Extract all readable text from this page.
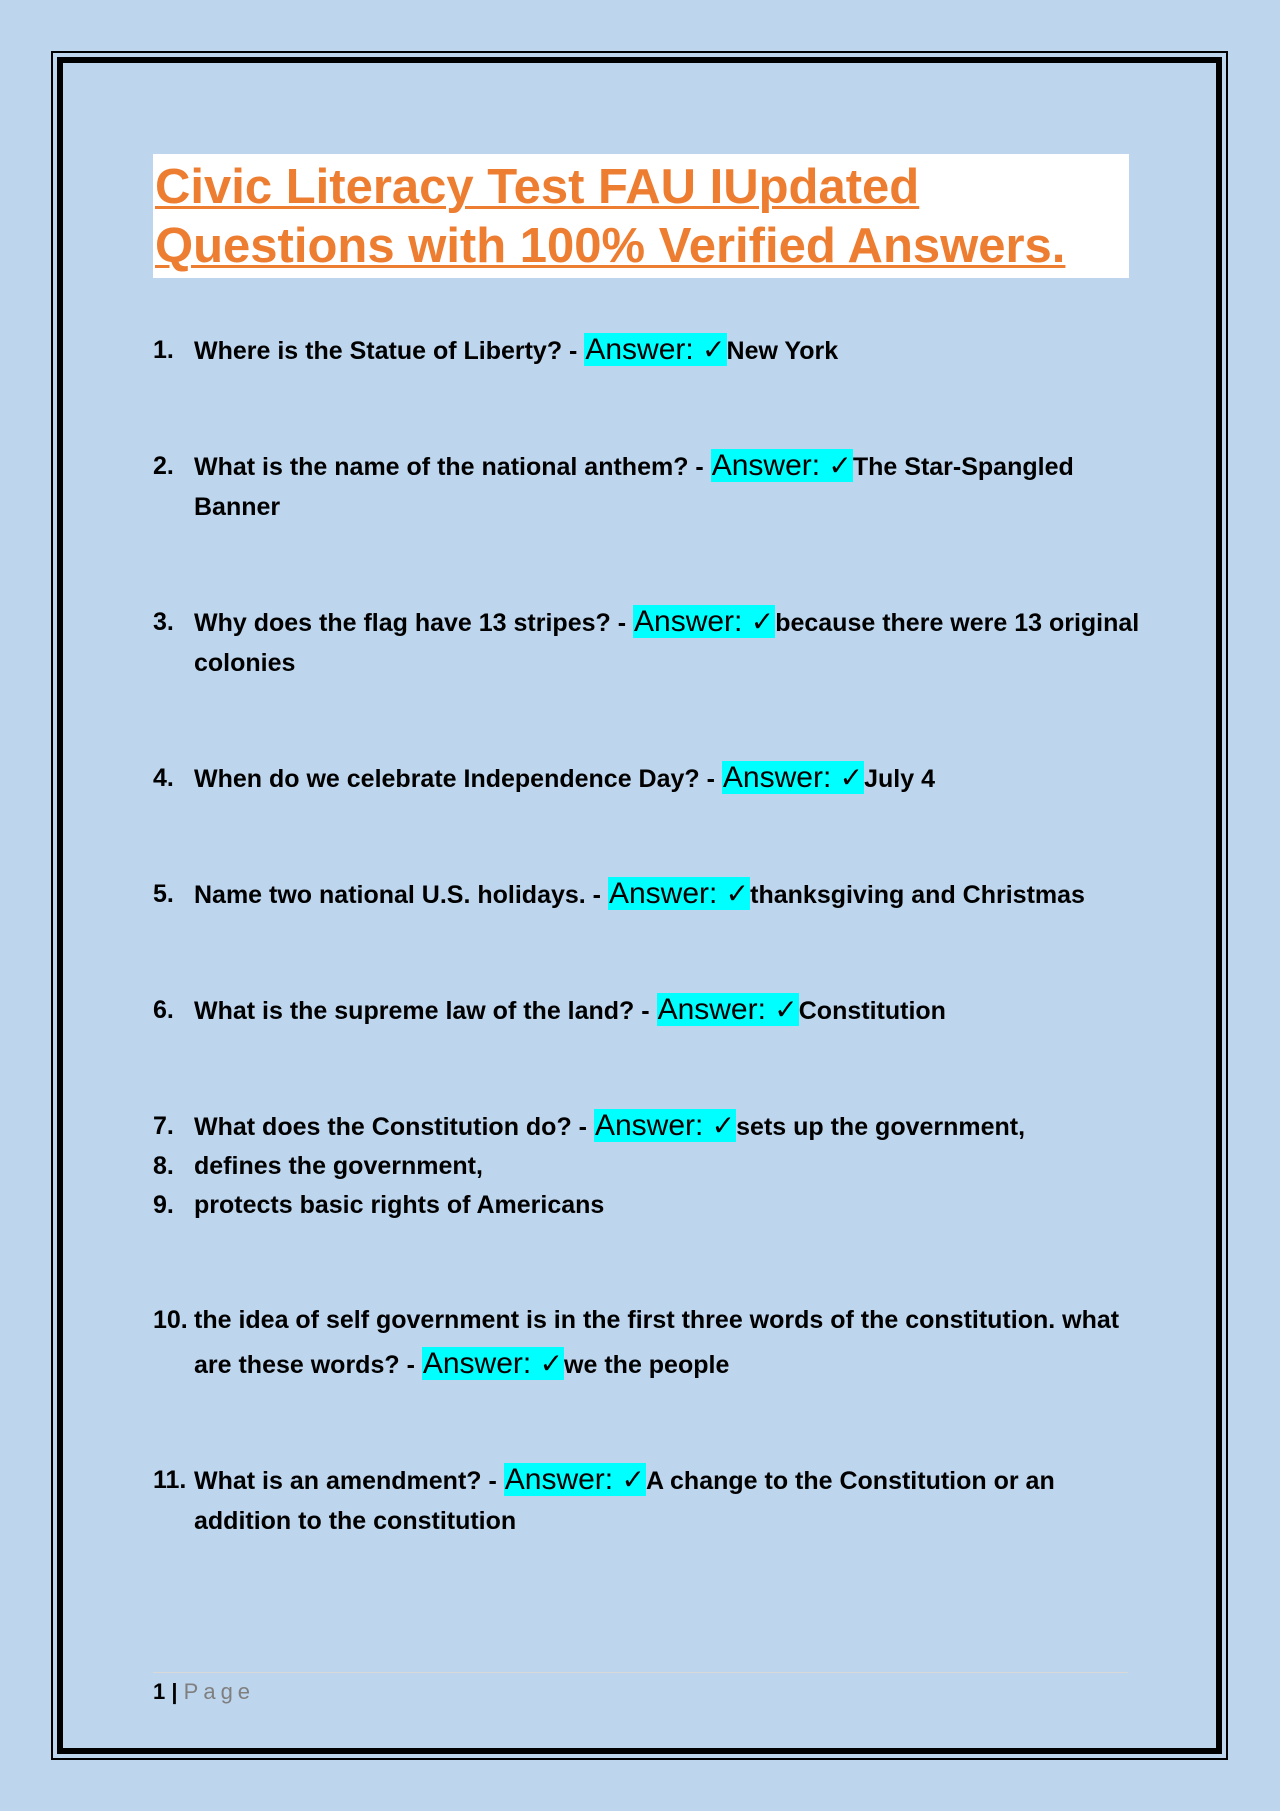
Civic Literacy Test FAU IUpdated Questions with 100% Verified Answers.
1. Where is the Statue of Liberty? - Answer: ✓New York
2. What is the name of the national anthem? - Answer: ✓The Star-Spangled Banner
3. Why does the flag have 13 stripes? - Answer: ✓because there were 13 original colonies
4. When do we celebrate Independence Day? - Answer: ✓July 4
5. Name two national U.S. holidays. - Answer: ✓thanksgiving and Christmas
6. What is the supreme law of the land? - Answer: ✓Constitution
7. What does the Constitution do? - Answer: ✓sets up the government,
8. defines the government,
9. protects basic rights of Americans
10. the idea of self government is in the first three words of the constitution. what are these words? - Answer: ✓we the people
11. What is an amendment? - Answer: ✓A change to the Constitution or an addition to the constitution
1 | Page
